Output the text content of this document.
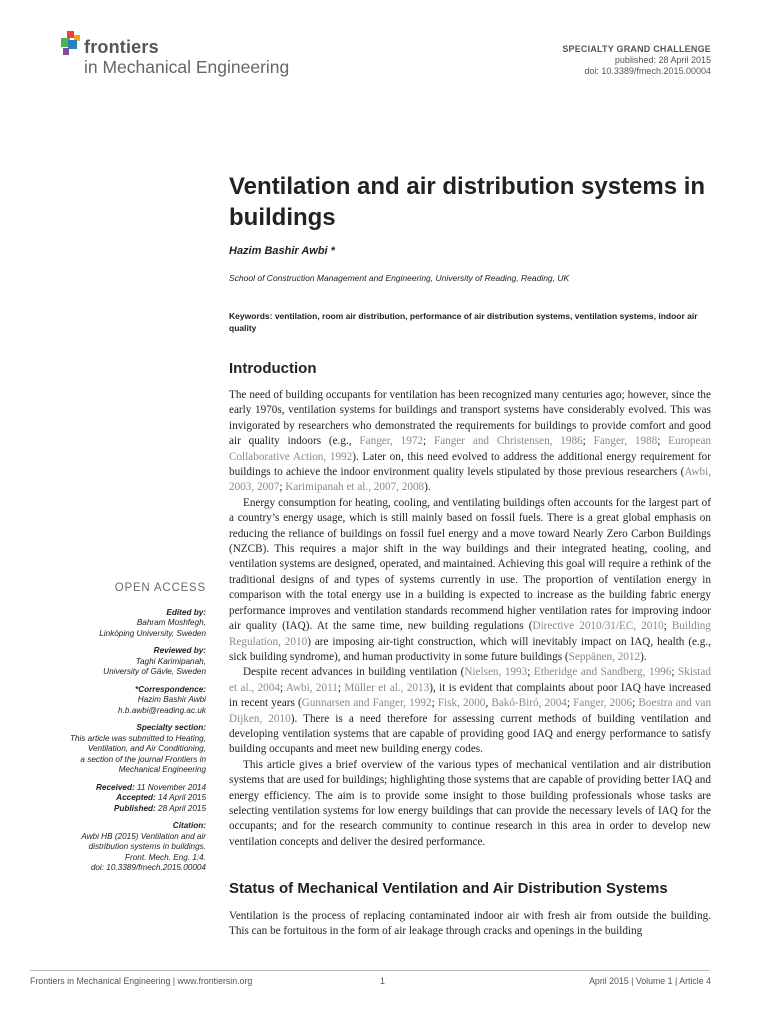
frontiers
in Mechanical Engineering
SPECIALTY GRAND CHALLENGE
published: 28 April 2015
doi: 10.3389/fmech.2015.00004
Ventilation and air distribution systems in buildings
Hazim Bashir Awbi *
School of Construction Management and Engineering, University of Reading, Reading, UK
Keywords: ventilation, room air distribution, performance of air distribution systems, ventilation systems, indoor air quality
Introduction

The need of building occupants for ventilation has been recognized many centuries ago; however, since the early 1970s, ventilation systems for buildings and transport systems have considerably evolved. This was invigorated by researchers who demonstrated the requirements for buildings to provide comfort and good air quality indoors (e.g., Fanger, 1972; Fanger and Christensen, 1986; Fanger, 1988; European Collaborative Action, 1992). Later on, this need evolved to address the additional energy requirement for buildings to achieve the indoor environment quality levels stipulated by those previous researchers (Awbi, 2003, 2007; Karimipanah et al., 2007, 2008).

Energy consumption for heating, cooling, and ventilating buildings often accounts for the largest part of a country’s energy usage, which is still mainly based on fossil fuels. There is a great global emphasis on reducing the reliance of buildings on fossil fuel energy and a move toward Nearly Zero Carbon Buildings (NZCB). This requires a major shift in the way buildings and their integrated heating, cooling, and ventilation systems are designed, operated, and maintained. Achieving this goal will require a rethink of the traditional designs of and types of systems currently in use. The proportion of ventilation energy in comparison with the total energy use in a building is expected to increase as the building fabric energy performance improves and ventilation standards recommend higher ventilation rates for improving indoor air quality (IAQ). At the same time, new building regulations (Directive 2010/31/EC, 2010; Building Regulation, 2010) are imposing air-tight construction, which will inevitably impact on IAQ, health (e.g., sick building syndrome), and human productivity in some future buildings (Seppänen, 2012).

Despite recent advances in building ventilation (Nielsen, 1993; Etheridge and Sandberg, 1996; Skistad et al., 2004; Awbi, 2011; Müller et al., 2013), it is evident that complaints about poor IAQ have increased in recent years (Gunnarsen and Fanger, 1992; Fisk, 2000, Bakó-Biró, 2004; Fanger, 2006; Boestra and van Dijken, 2010). There is a need therefore for assessing current methods of building ventilation and developing ventilation systems that are capable of providing good IAQ and energy performance to satisfy building occupants and meet new building energy codes.

This article gives a brief overview of the various types of mechanical ventilation and air distribution systems that are used for buildings; highlighting those systems that are capable of providing better IAQ and energy efficiency. The aim is to provide some insight to those building professionals whose tasks are selecting ventilation systems for low energy buildings that can provide the necessary levels of IAQ for the occupants; and for the research community to continue research in this area in order to develop new ventilation concepts and deliver the desired performance.

Status of Mechanical Ventilation and Air Distribution Systems

Ventilation is the process of replacing contaminated indoor air with fresh air from outside the building. This can be fortuitous in the form of air leakage through cracks and openings in the building

OPEN ACCESS
Edited by:
Bahram Moshfegh,
Linköping University, Sweden
Reviewed by:
Taghi Karimipanah,
University of Gävle, Sweden
*Correspondence:
Hazim Bashir Awbi
h.b.awbi@reading.ac.uk
Specialty section:
This article was submitted to Heating,
Ventilation, and Air Conditioning,
a section of the journal Frontiers in
Mechanical Engineering
Received: 11 November 2014
Accepted: 14 April 2015
Published: 28 April 2015
Citation:
Awbi HB (2015) Ventilation and air
distribution systems in buildings.
Front. Mech. Eng. 1:4.
doi: 10.3389/fmech.2015.00004
Frontiers in Mechanical Engineering | www.frontiersin.org	1	April 2015 | Volume 1 | Article 4
